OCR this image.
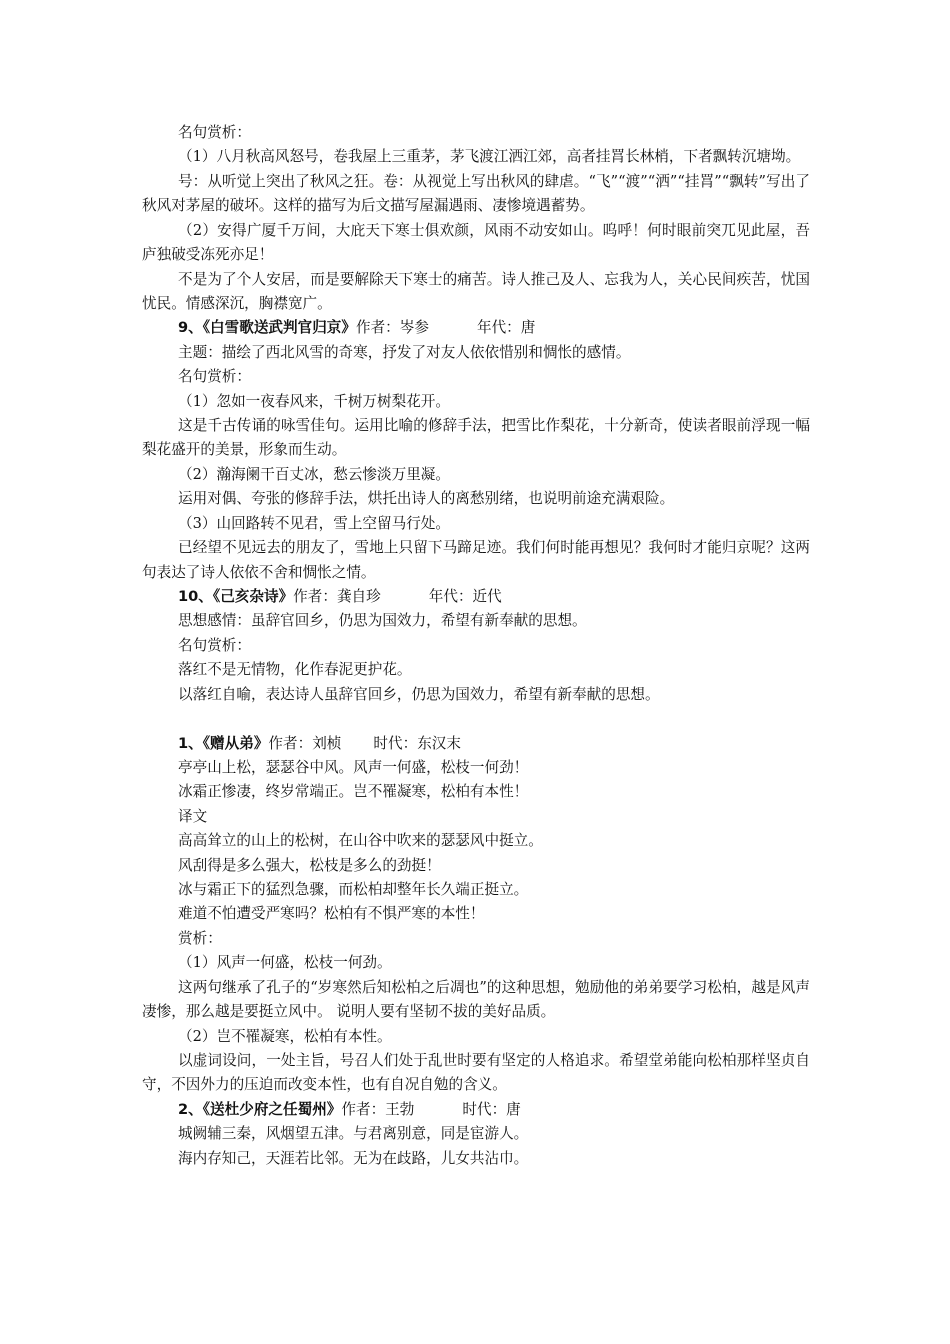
名句赏析：

（1）八月秋高风怒号，卷我屋上三重茅，茅飞渡江洒江郊，高者挂罥长林梢，下者飘转沉塘坳。

号：从听觉上突出了秋风之狂。卷：从视觉上写出秋风的肆虐。“飞”“渡”“洒”“挂罥”“飘转”写出了秋风对茅屋的破坏。这样的描写为后文描写屋漏遇雨、凄惨境遇蓄势。

（2）安得广厦千万间，大庇天下寒士俱欢颜，风雨不动安如山。呜呼！何时眼前突兀见此屋，吾庐独破受冻死亦足！

不是为了个人安居，而是要解除天下寒士的痛苦。诗人推己及人、忘我为人，关心民间疾苦，忧国忧民。情感深沉，胸襟宽广。

9、《白雪歌送武判官归京》作者：岑参	年代：唐

主题：描绘了西北风雪的奇寒，抒发了对友人依依惜别和惆怅的感情。

名句赏析：

（1）忽如一夜春风来，千树万树梨花开。

这是千古传诵的咏雪佳句。运用比喻的修辞手法，把雪比作梨花，十分新奇，使读者眼前浮现一幅梨花盛开的美景，形象而生动。

（2）瀚海阑干百丈冰，愁云惨淡万里凝。

运用对偶、夸张的修辞手法，烘托出诗人的离愁别绪，也说明前途充满艰险。

（3）山回路转不见君，雪上空留马行处。

已经望不见远去的朋友了，雪地上只留下马蹄足迹。我们何时能再想见？我何时才能归京呢？这两句表达了诗人依依不舍和惆怅之情。

10、《己亥杂诗》作者：龚自珍	年代：近代

思想感情：虽辞官回乡，仍思为国效力，希望有新奉献的思想。

名句赏析：

落红不是无情物，化作春泥更护花。

以落红自喻，表达诗人虽辞官回乡，仍思为国效力，希望有新奉献的思想。

1、《赠从弟》作者：刘桢 时代：东汉末

亭亭山上松，瑟瑟谷中风。风声一何盛，松枝一何劲！

冰霜正惨凄，终岁常端正。岂不罹凝寒，松柏有本性！

译文

高高耸立的山上的松树，在山谷中吹来的瑟瑟风中挺立。

风刮得是多么强大，松枝是多么的劲挺！

冰与霜正下的猛烈急骤，而松柏却整年长久端正挺立。

难道不怕遭受严寒吗？松柏有不惧严寒的本性！

赏析：

（1）风声一何盛，松枝一何劲。

这两句继承了孔子的“岁寒然后知松柏之后凋也”的这种思想，勉励他的弟弟要学习松柏，越是风声凄惨，那么越是要挺立风中。 说明人要有坚韧不拔的美好品质。

（2）岂不罹凝寒，松柏有本性。

以虚词设问，一处主旨，号召人们处于乱世时要有坚定的人格追求。希望堂弟能向松柏那样坚贞自守，不因外力的压迫而改变本性，也有自况自勉的含义。

2、《送杜少府之任蜀州》作者：王勃	时代：唐

城阙辅三秦，风烟望五津。与君离别意，同是宦游人。

海内存知己，天涯若比邻。无为在歧路，儿女共沾巾。
